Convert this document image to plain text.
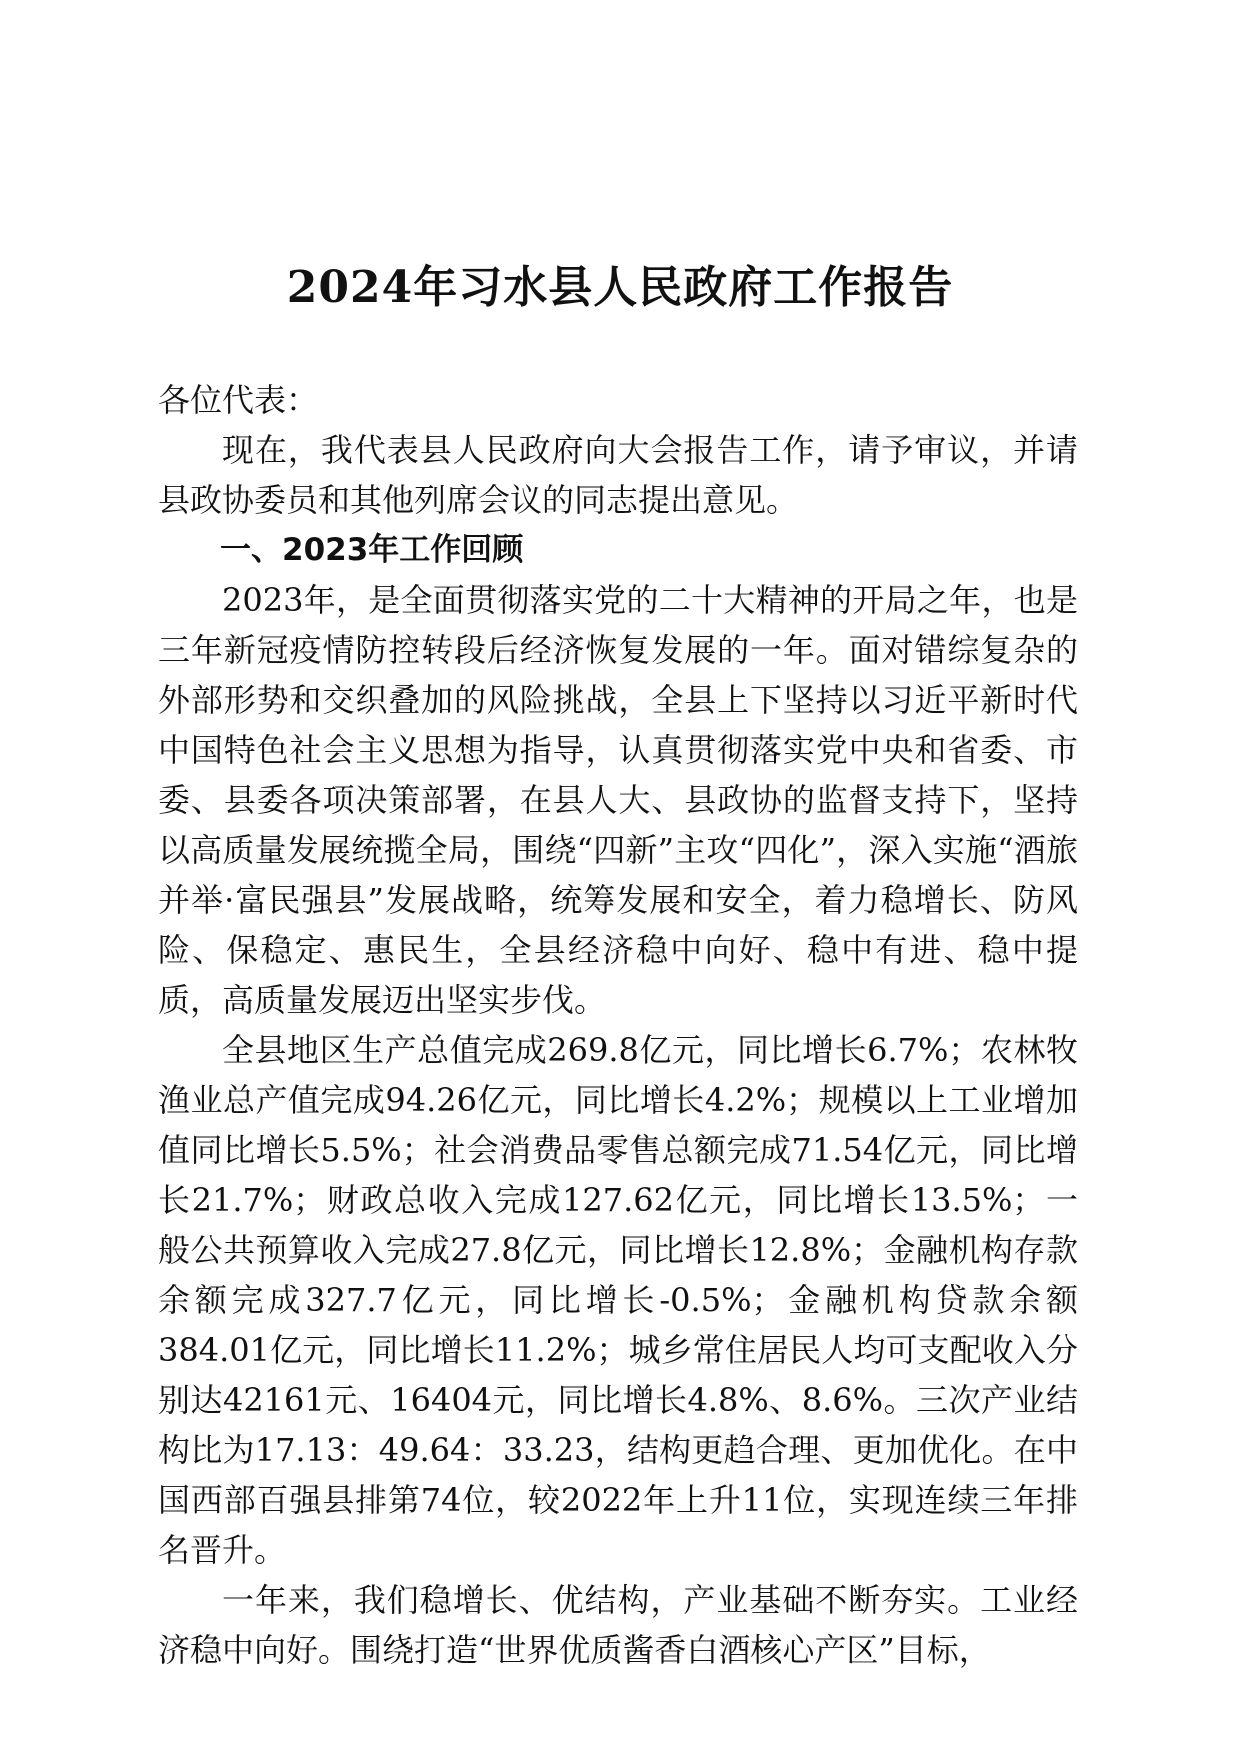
2024年习水县人民政府工作报告

各位代表：

现在，我代表县人民政府向大会报告工作，请予审议，并请县政协委员和其他列席会议的同志提出意见。

一、2023年工作回顾

2023年，是全面贯彻落实党的二十大精神的开局之年，也是三年新冠疫情防控转段后经济恢复发展的一年。面对错综复杂的外部形势和交织叠加的风险挑战，全县上下坚持以习近平新时代中国特色社会主义思想为指导，认真贯彻落实党中央和省委、市委、县委各项决策部署，在县人大、县政协的监督支持下，坚持以高质量发展统揽全局，围绕“四新”主攻“四化”，深入实施“酒旅并举·富民强县”发展战略，统筹发展和安全，着力稳增长、防风险、保稳定、惠民生，全县经济稳中向好、稳中有进、稳中提质，高质量发展迈出坚实步伐。

全县地区生产总值完成269.8亿元，同比增长6.7%；农林牧渔业总产值完成94.26亿元，同比增长4.2%；规模以上工业增加值同比增长5.5%；社会消费品零售总额完成71.54亿元，同比增长21.7%；财政总收入完成127.62亿元，同比增长13.5%；一般公共预算收入完成27.8亿元，同比增长12.8%；金融机构存款余额完成327.7亿元，同比增长-0.5%；金融机构贷款余额384.01亿元，同比增长11.2%；城乡常住居民人均可支配收入分别达42161元、16404元，同比增长4.8%、8.6%。三次产业结构比为17.13：49.64：33.23，结构更趋合理、更加优化。在中国西部百强县排第74位，较2022年上升11位，实现连续三年排名晋升。

一年来，我们稳增长、优结构，产业基础不断夯实。工业经济稳中向好。围绕打造“世界优质酱香白酒核心产区”目标，
